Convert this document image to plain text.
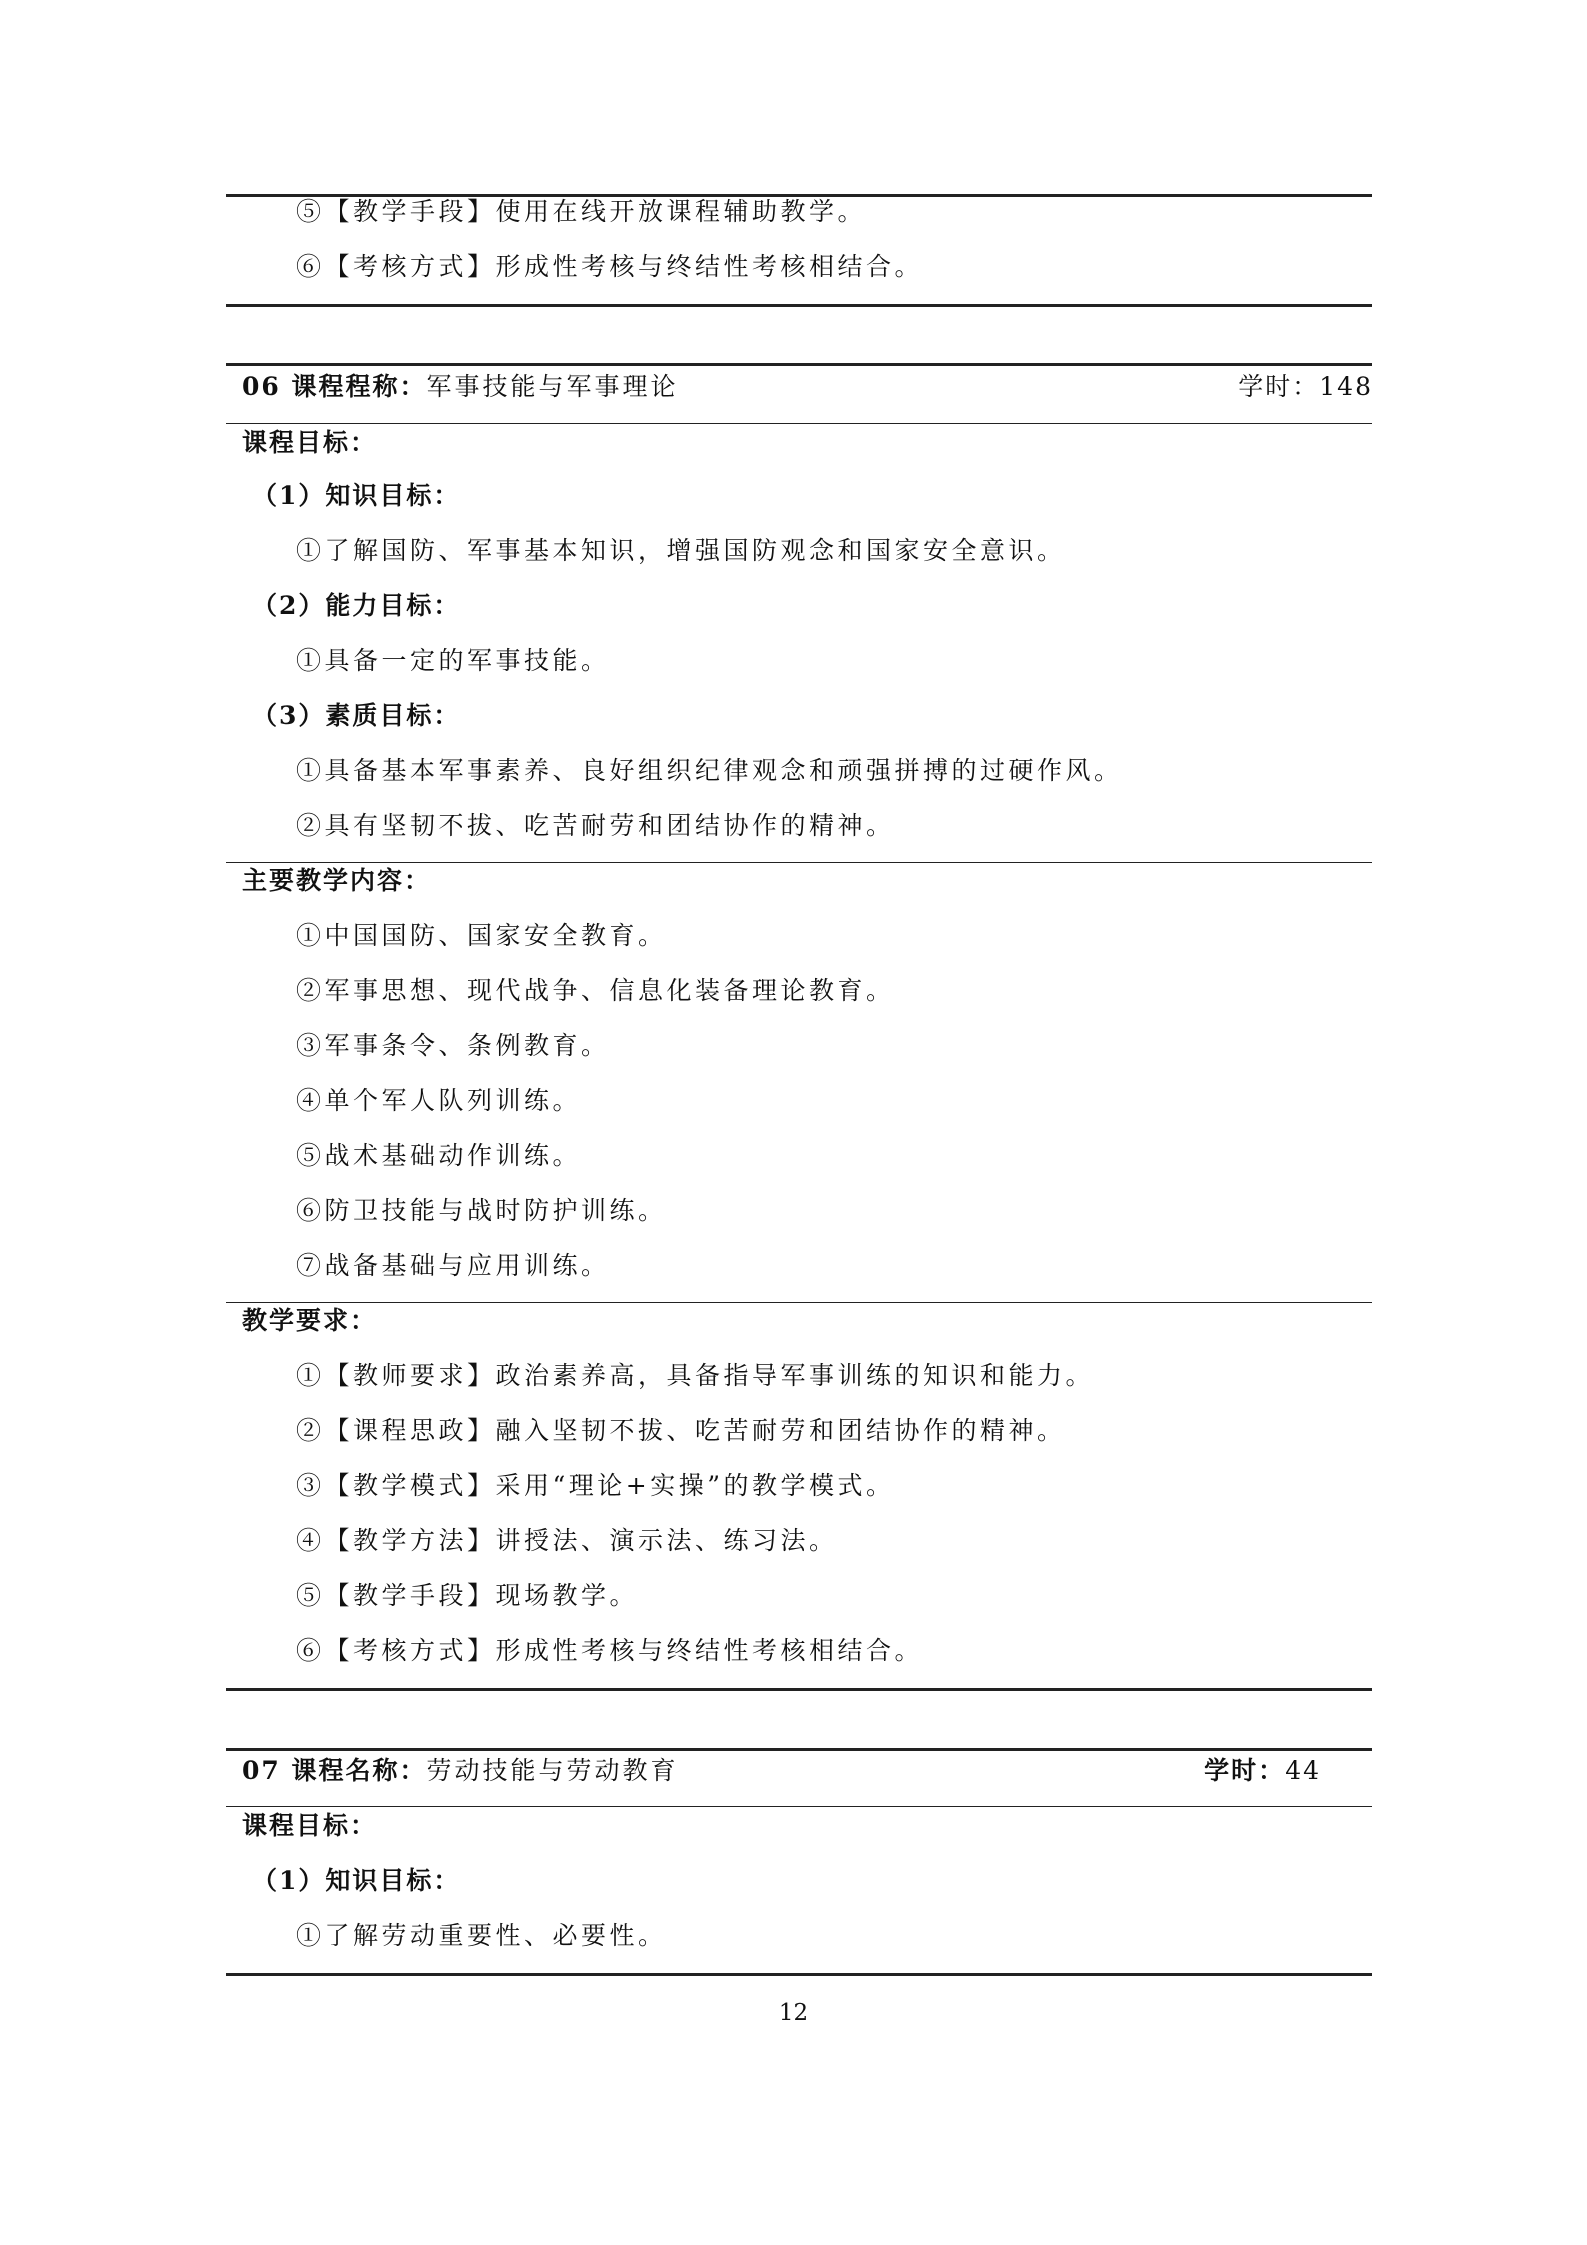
⑤【教学手段】使用在线开放课程辅助教学。
⑥【考核方式】形成性考核与终结性考核相结合。
06 课程程称：军事技能与军事理论	学时：148
课程目标：
（1）知识目标：
①了解国防、军事基本知识，增强国防观念和国家安全意识。
（2）能力目标：
①具备一定的军事技能。
（3）素质目标：
①具备基本军事素养、良好组织纪律观念和顽强拼搏的过硬作风。
②具有坚韧不拔、吃苦耐劳和团结协作的精神。
主要教学内容：
①中国国防、国家安全教育。
②军事思想、现代战争、信息化装备理论教育。
③军事条令、条例教育。
④单个军人队列训练。
⑤战术基础动作训练。
⑥防卫技能与战时防护训练。
⑦战备基础与应用训练。
教学要求：
①【教师要求】政治素养高，具备指导军事训练的知识和能力。
②【课程思政】融入坚韧不拔、吃苦耐劳和团结协作的精神。
③【教学模式】采用“理论+实操”的教学模式。
④【教学方法】讲授法、演示法、练习法。
⑤【教学手段】现场教学。
⑥【考核方式】形成性考核与终结性考核相结合。
07 课程名称：劳动技能与劳动教育	学时：44
课程目标：
（1）知识目标：
①了解劳动重要性、必要性。
12
